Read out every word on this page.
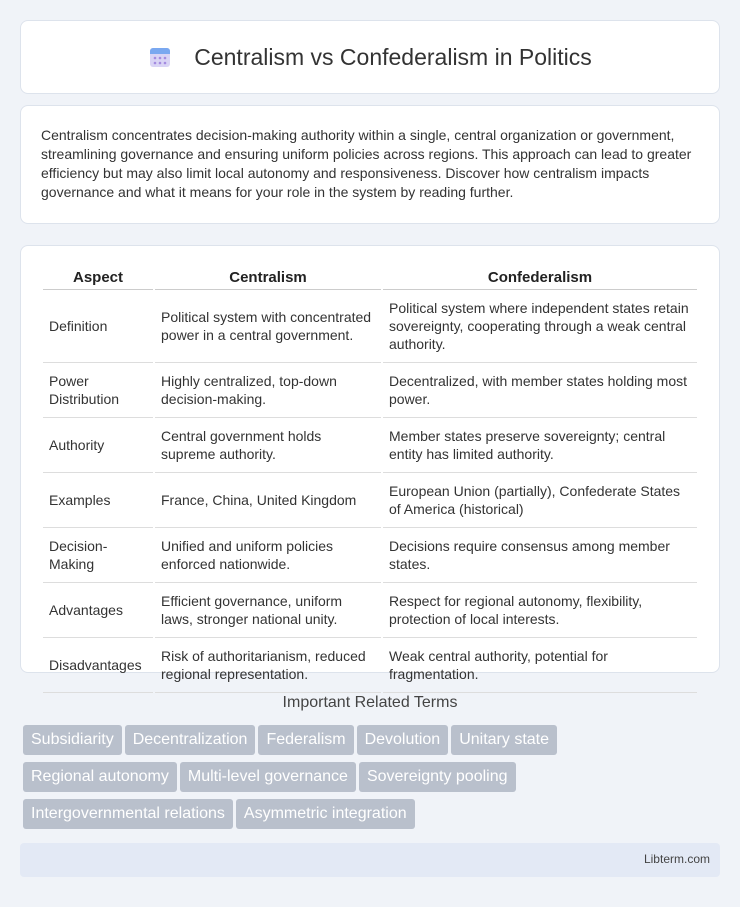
Centralism vs Confederalism in Politics

Centralism concentrates decision-making authority within a single, central organization or government, streamlining governance and ensuring uniform policies across regions. This approach can lead to greater efficiency but may also limit local autonomy and responsiveness. Discover how centralism impacts governance and what it means for your role in the system by reading further.

Aspect	Centralism	Confederalism
Definition	Political system with concentrated power in a central government.	Political system where independent states retain sovereignty, cooperating through a weak central authority.
Power Distribution	Highly centralized, top-down decision-making.	Decentralized, with member states holding most power.
Authority	Central government holds supreme authority.	Member states preserve sovereignty; central entity has limited authority.
Examples	France, China, United Kingdom	European Union (partially), Confederate States of America (historical)
Decision-Making	Unified and uniform policies enforced nationwide.	Decisions require consensus among member states.
Advantages	Efficient governance, uniform laws, stronger national unity.	Respect for regional autonomy, flexibility, protection of local interests.
Disadvantages	Risk of authoritarianism, reduced regional representation.	Weak central authority, potential for fragmentation.
Important Related Terms
Subsidiarity Decentralization Federalism Devolution Unitary state
Regional autonomy Multi-level governance Sovereignty pooling
Intergovernmental relations Asymmetric integration
Libterm.com
